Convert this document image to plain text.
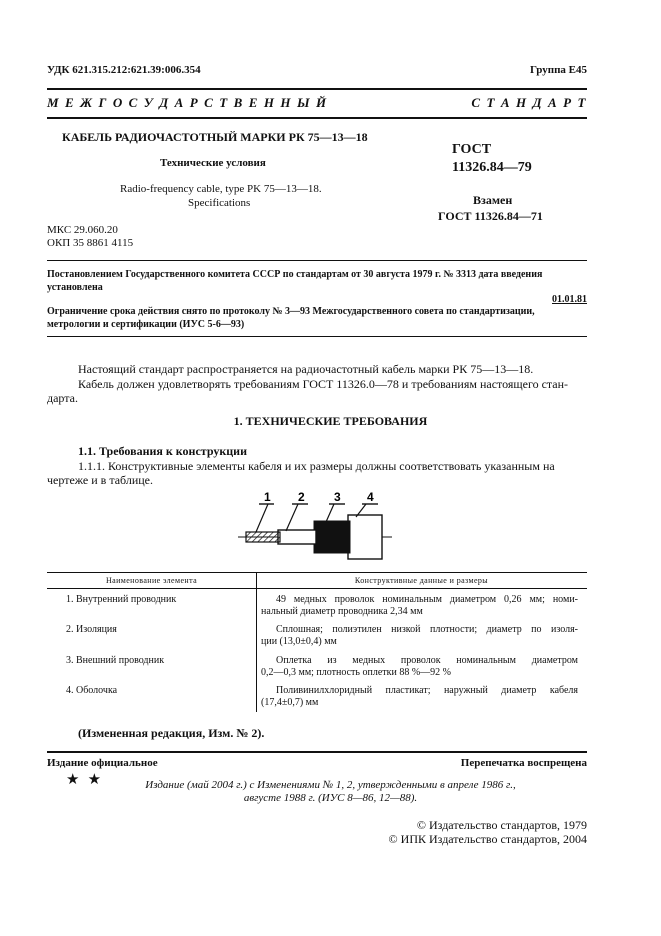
УДК 621.315.212:621.39:006.354	Группа Е45
М Е Ж Г О С У Д А Р С Т В Е Н Н Ы Й	С Т А Н Д А Р Т
КАБЕЛЬ РАДИОЧАСТОТНЫЙ МАРКИ РК 75—13—18
Технические условия
Radio-frequency cable, type PK 75—13—18.
Specifications
МКС 29.060.20
ОКП 35 8861 4115
ГОСТ
11326.84—79
Взамен
ГОСТ 11326.84—71
Постановлением Государственного комитета СССР по стандартам от 30 августа 1979 г. № 3313 дата введения
установлена
01.01.81
Ограничение срока действия снято по протоколу № 3—93 Межгосударственного совета по стандартизации,
метрологии и сертификации (ИУС 5-6—93)
Настоящий стандарт распространяется на радиочастотный кабель марки РК 75—13—18.
Кабель должен удовлетворять требованиям ГОСТ 11326.0—78 и требованиям настоящего стан-
дарта.
1. ТЕХНИЧЕСКИЕ ТРЕБОВАНИЯ
1.1. Требования к конструкции
1.1.1. Конструктивные элементы кабеля и их размеры должны соответствовать указанным на
чертеже и в таблице.
1 2 3 4
Наименование элемента	Конструктивные данные и размеры
1. Внутренний проводник	49 медных проволок номинальным диаметром 0,26 мм; номи-
нальный диаметр проводника 2,34 мм
2. Изоляция	Сплошная; полиэтилен низкой плотности; диаметр по изоля-
ции (13,0±0,4) мм
3. Внешний проводник	Оплетка из медных проволок номинальным диаметром
0,2—0,3 мм; плотность оплетки 88 %—92 %
4. Оболочка	Поливинилхлоридный пластикат; наружный диаметр кабеля
(17,4±0,7) мм
(Измененная редакция, Изм. № 2).
Издание официальное	Перепечатка воспрещена
★ ★	Издание (май 2004 г.) с Изменениями № 1, 2, утвержденными в апреле 1986 г.,
августе 1988 г. (ИУС 8—86, 12—88).
© Издательство стандартов, 1979
© ИПК Издательство стандартов, 2004
